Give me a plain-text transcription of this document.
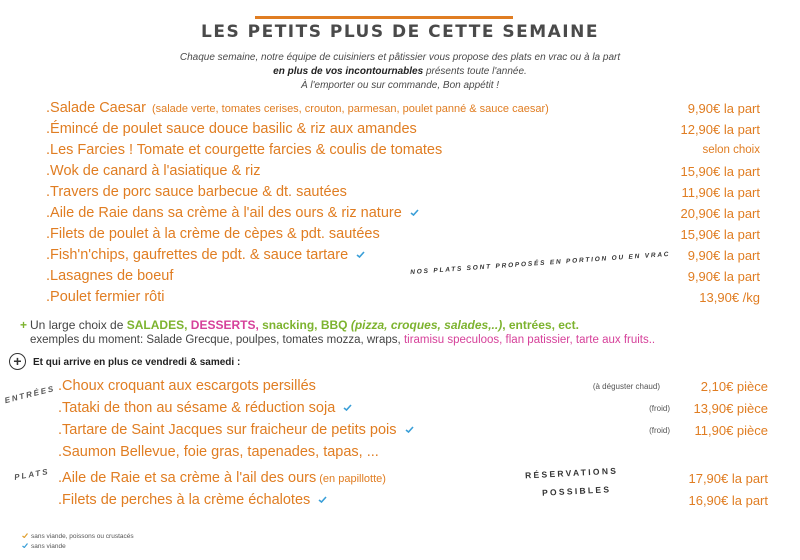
LES PETITS PLUS DE CETTE SEMAINE
Chaque semaine, notre équipe de cuisiniers et pâtissier vous propose des plats en vrac ou à la part
en plus de vos incontournables présents toute l'année.
À l'emporter ou sur commande, Bon appétit !
.Salade Caesar (salade verte, tomates cerises, crouton, parmesan, poulet panné & sauce caesar)	9,90€ la part
.Émincé de poulet sauce douce basilic & riz aux amandes	12,90€ la part
.Les Farcies ! Tomate et courgette farcies & coulis de tomates	selon choix
.Wok de canard à l'asiatique & riz	15,90€ la part
.Travers de porc sauce barbecue & dt. sautées	11,90€ la part
.Aile de Raie dans sa crème à l'ail des ours & riz nature	20,90€ la part
.Filets de poulet à la crème de cèpes & pdt. sautées	15,90€ la part
.Fish'n'chips, gaufrettes de pdt. & sauce tartare	9,90€ la part
.Lasagnes de boeuf	9,90€ la part
.Poulet fermier rôti	13,90€ /kg
NOS PLATS SONT PROPOSÉS EN PORTION OU EN VRAC
+ Un large choix de SALADES, DESSERTS, snacking, BBQ (pizza, croques, salades,..), entrées, ect.
exemples du moment: Salade Grecque, poulpes, tomates mozza, wraps, tiramisu speculoos, flan patissier, tarte aux fruits..
+	Et qui arrive en plus ce vendredi & samedi :
ENTRÉES
PLATS
.Choux croquant aux escargots persillés	(à déguster chaud)	2,10€ pièce
.Tataki de thon au sésame & réduction soja	(froid) 13,90€ pièce
.Tartare de Saint Jacques sur fraicheur de petits pois	(froid) 11,90€ pièce
.Saumon Bellevue, foie gras, tapenades, tapas, ...
RÉSERVATIONS
POSSIBLES
.Aile de Raie et sa crème à l'ail des ours (en papillotte)	17,90€ la part
.Filets de perches à la crème échalotes	16,90€ la part
sans viande, poissons ou crustacés
sans viande
